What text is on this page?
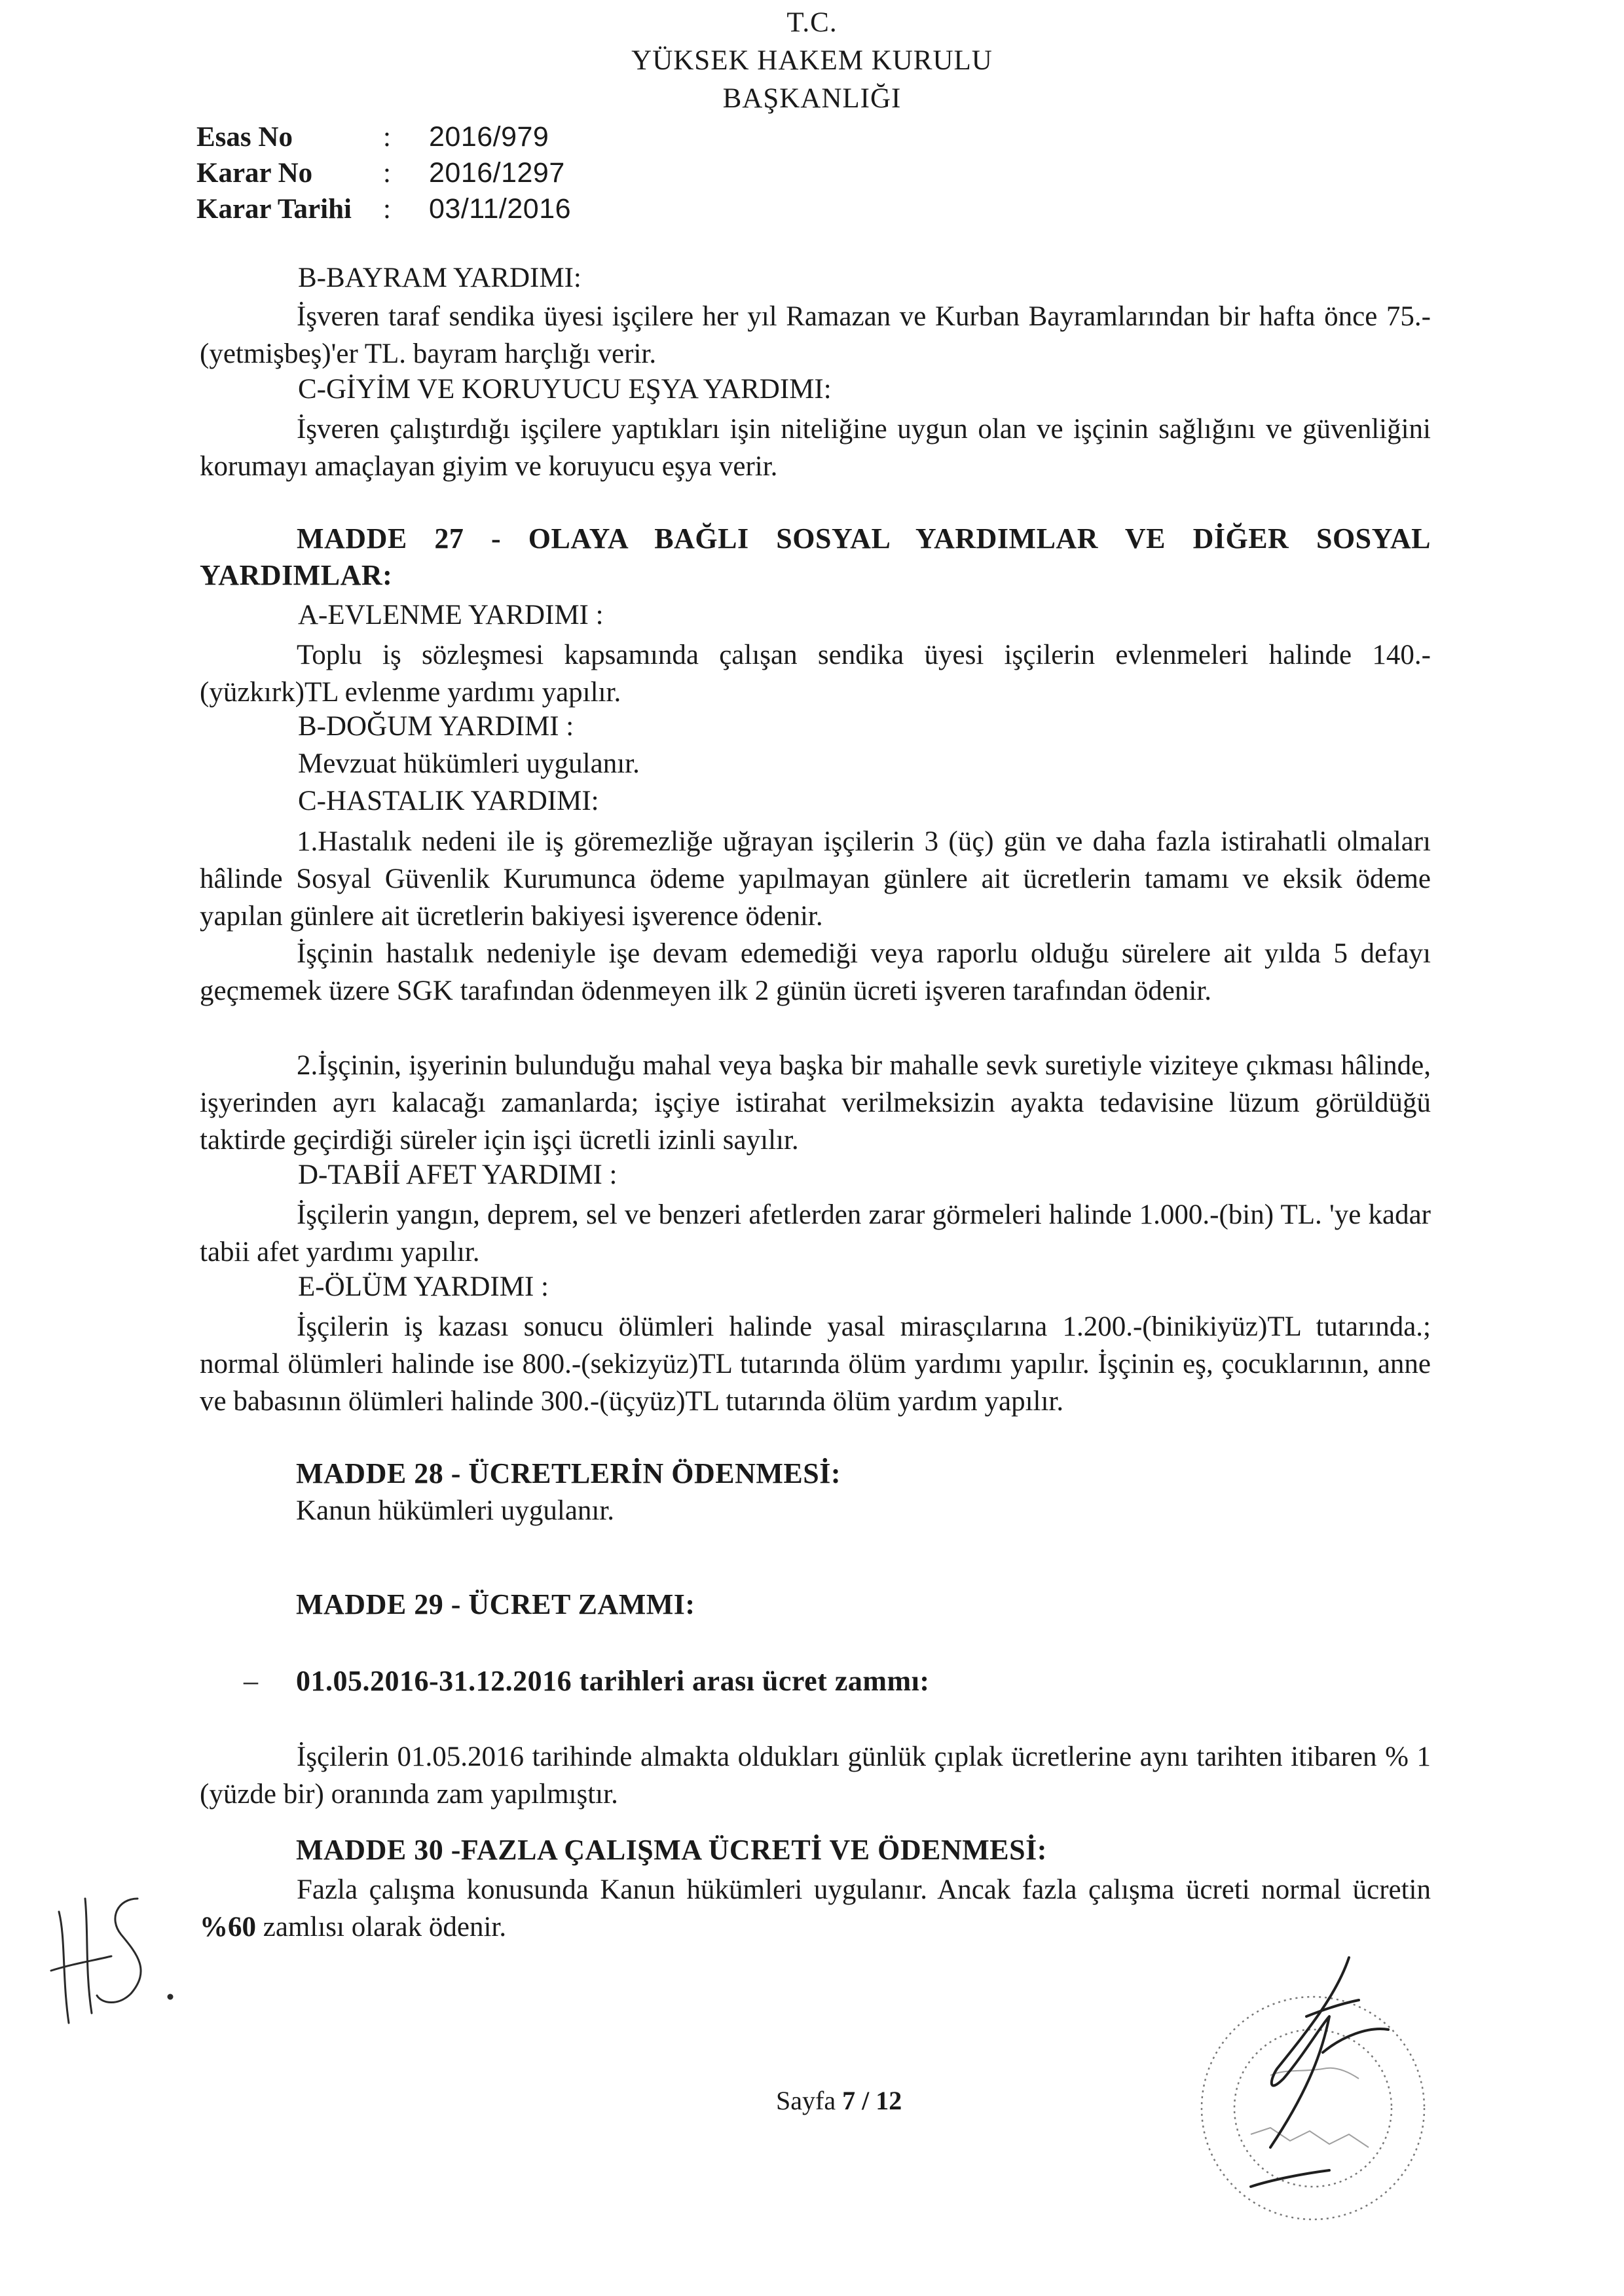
T.C.
YÜKSEK HAKEM KURULU
BAŞKANLIĞI
Esas No	: 2016/979
Karar No	: 2016/1297
Karar Tarihi : 03/11/2016
B-BAYRAM YARDIMI:
İşveren taraf sendika üyesi işçilere her yıl Ramazan ve Kurban Bayramlarından bir hafta önce 75.-(yetmişbeş)'er TL. bayram harçlığı verir.
C-GİYİM VE KORUYUCU EŞYA YARDIMI:
İşveren çalıştırdığı işçilere yaptıkları işin niteliğine uygun olan ve işçinin sağlığını ve güvenliğini korumayı amaçlayan giyim ve koruyucu eşya verir.
MADDE 27 - OLAYA BAĞLI SOSYAL YARDIMLAR VE DİĞER SOSYAL YARDIMLAR:
A-EVLENME YARDIMI :
Toplu iş sözleşmesi kapsamında çalışan sendika üyesi işçilerin evlenmeleri halinde 140.-(yüzkırk)TL evlenme yardımı yapılır.
B-DOĞUM YARDIMI :
Mevzuat hükümleri uygulanır.
C-HASTALIK YARDIMI:
1.Hastalık nedeni ile iş göremezliğe uğrayan işçilerin 3 (üç) gün ve daha fazla istirahatli olmaları hâlinde Sosyal Güvenlik Kurumunca ödeme yapılmayan günlere ait ücretlerin tamamı ve eksik ödeme yapılan günlere ait ücretlerin bakiyesi işverence ödenir.
İşçinin hastalık nedeniyle işe devam edemediği veya raporlu olduğu sürelere ait yılda 5 defayı geçmemek üzere SGK tarafından ödenmeyen ilk 2 günün ücreti işveren tarafından ödenir.
2.İşçinin, işyerinin bulunduğu mahal veya başka bir mahalle sevk suretiyle viziteye çıkması hâlinde, işyerinden ayrı kalacağı zamanlarda; işçiye istirahat verilmeksizin ayakta tedavisine lüzum görüldüğü taktirde geçirdiği süreler için işçi ücretli izinli sayılır.
D-TABİİ AFET YARDIMI :
İşçilerin yangın, deprem, sel ve benzeri afetlerden zarar görmeleri halinde 1.000.-(bin) TL. 'ye kadar tabii afet yardımı yapılır.
E-ÖLÜM YARDIMI :
İşçilerin iş kazası sonucu ölümleri halinde yasal mirasçılarına 1.200.-(binikiyüz)TL tutarında.; normal ölümleri halinde ise 800.-(sekizyüz)TL tutarında ölüm yardımı yapılır. İşçinin eş, çocuklarının, anne ve babasının ölümleri halinde 300.-(üçyüz)TL tutarında ölüm yardım yapılır.
MADDE 28 - ÜCRETLERİN ÖDENMESİ:
Kanun hükümleri uygulanır.
MADDE 29 - ÜCRET ZAMMI:
– 01.05.2016-31.12.2016 tarihleri arası ücret zammı:
İşçilerin 01.05.2016 tarihinde almakta oldukları günlük çıplak ücretlerine aynı tarihten itibaren % 1 (yüzde bir) oranında zam yapılmıştır.
MADDE 30 -FAZLA ÇALIŞMA ÜCRETİ VE ÖDENMESİ:
Fazla çalışma konusunda Kanun hükümleri uygulanır. Ancak fazla çalışma ücreti normal ücretin %60 zamlısı olarak ödenir.
Sayfa 7 / 12
